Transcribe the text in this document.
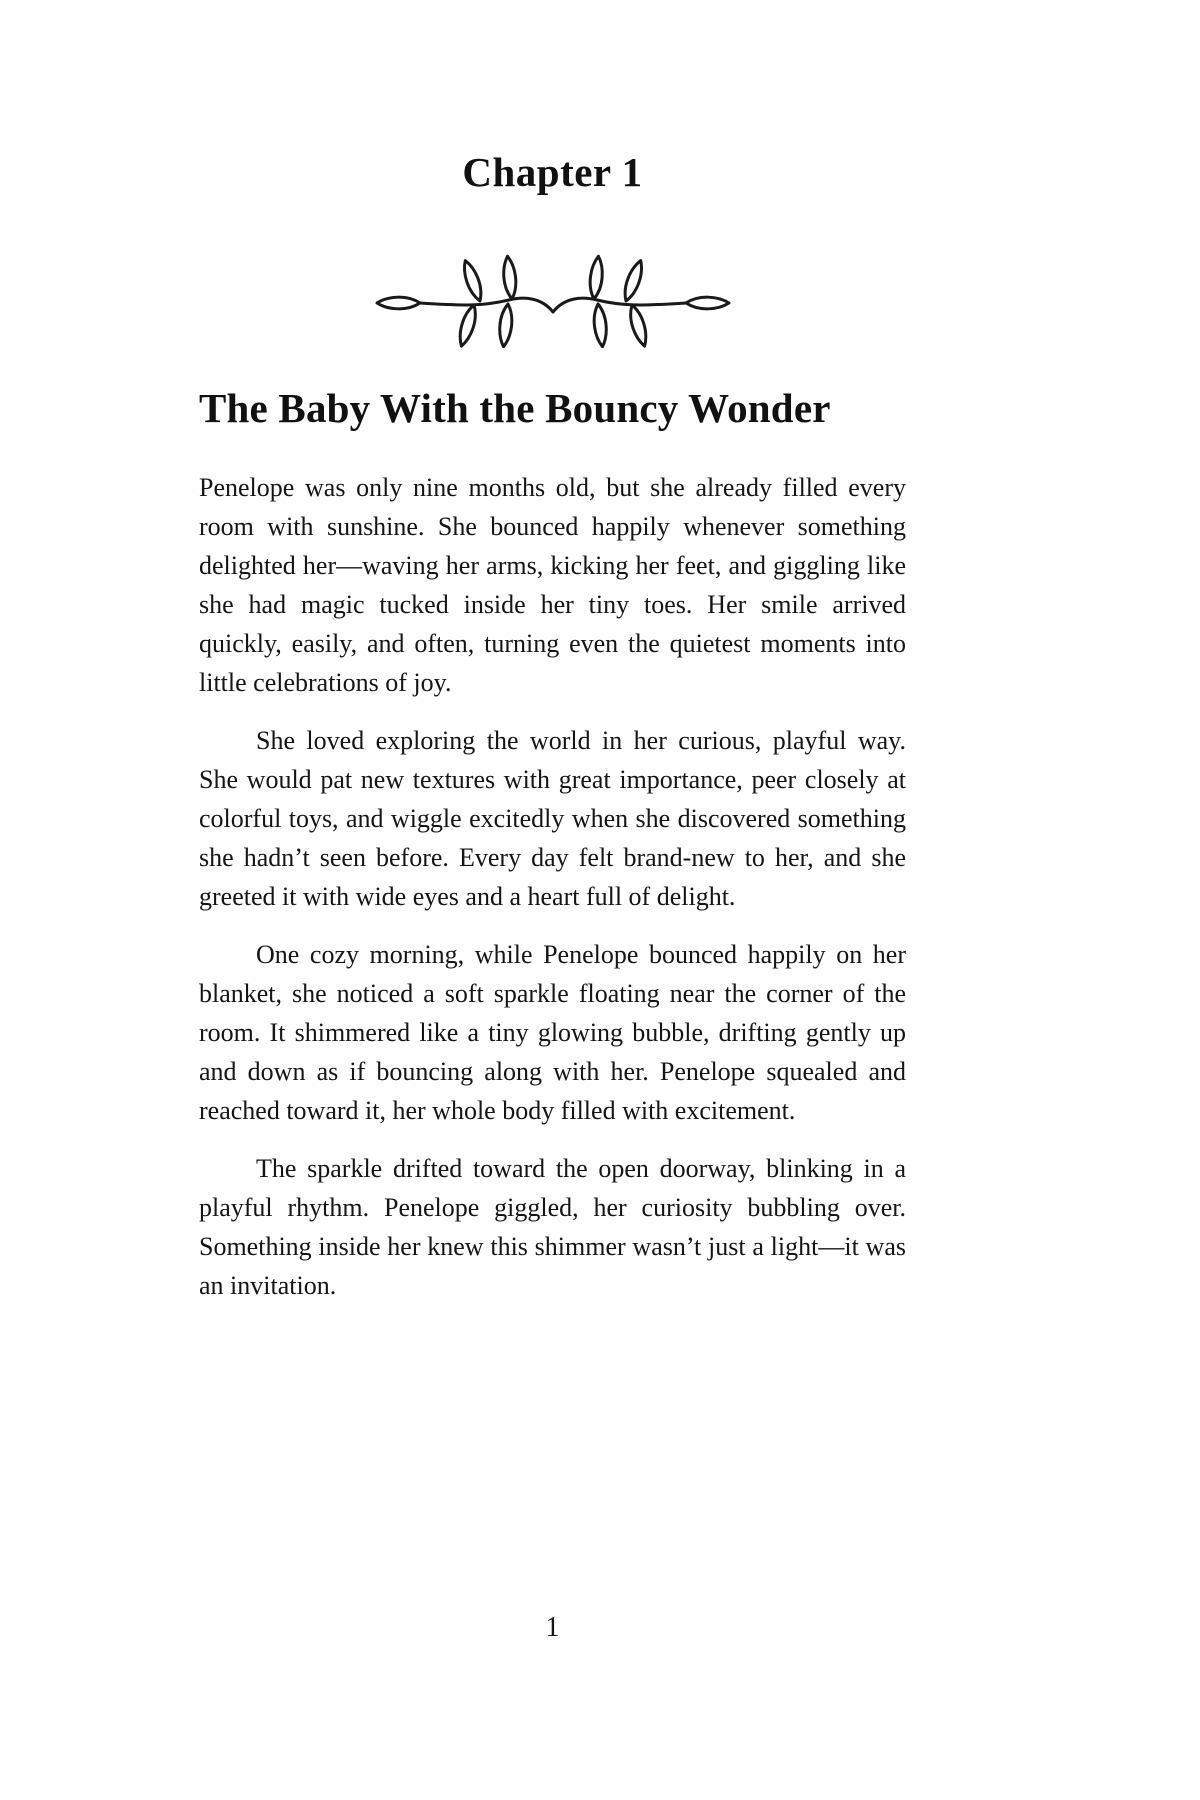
Chapter 1
The Baby With the Bouncy Wonder

Penelope was only nine months old, but she already filled every room with sunshine. She bounced happily whenever something delighted her—waving her arms, kicking her feet, and giggling like she had magic tucked inside her tiny toes. Her smile arrived quickly, easily, and often, turning even the quietest moments into little celebrations of joy.

She loved exploring the world in her curious, playful way. She would pat new textures with great importance, peer closely at colorful toys, and wiggle excitedly when she discovered something she hadn’t seen before. Every day felt brand-new to her, and she greeted it with wide eyes and a heart full of delight.

One cozy morning, while Penelope bounced happily on her blanket, she noticed a soft sparkle floating near the corner of the room. It shimmered like a tiny glowing bubble, drifting gently up and down as if bouncing along with her. Penelope squealed and reached toward it, her whole body filled with excitement.

The sparkle drifted toward the open doorway, blinking in a playful rhythm. Penelope giggled, her curiosity bubbling over. Something inside her knew this shimmer wasn’t just a light—it was an invitation.

1
